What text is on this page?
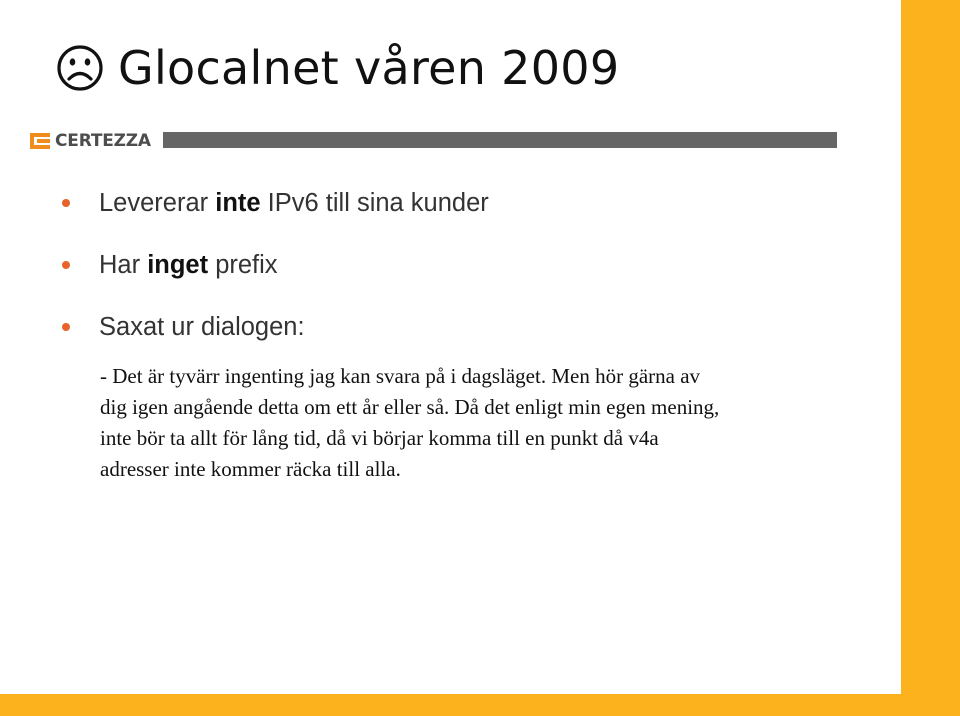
Glocalnet våren 2009
CERTEZZA
Levererar inte IPv6 till sina kunder
Har inget prefix
Saxat ur dialogen:
- Det är tyvärr ingenting jag kan svara på i dagsläget. Men hör gärna av
dig igen angående detta om ett år eller så. Då det enligt min egen mening,
inte bör ta allt för lång tid, då vi börjar komma till en punkt då v4a
adresser inte kommer räcka till alla.
